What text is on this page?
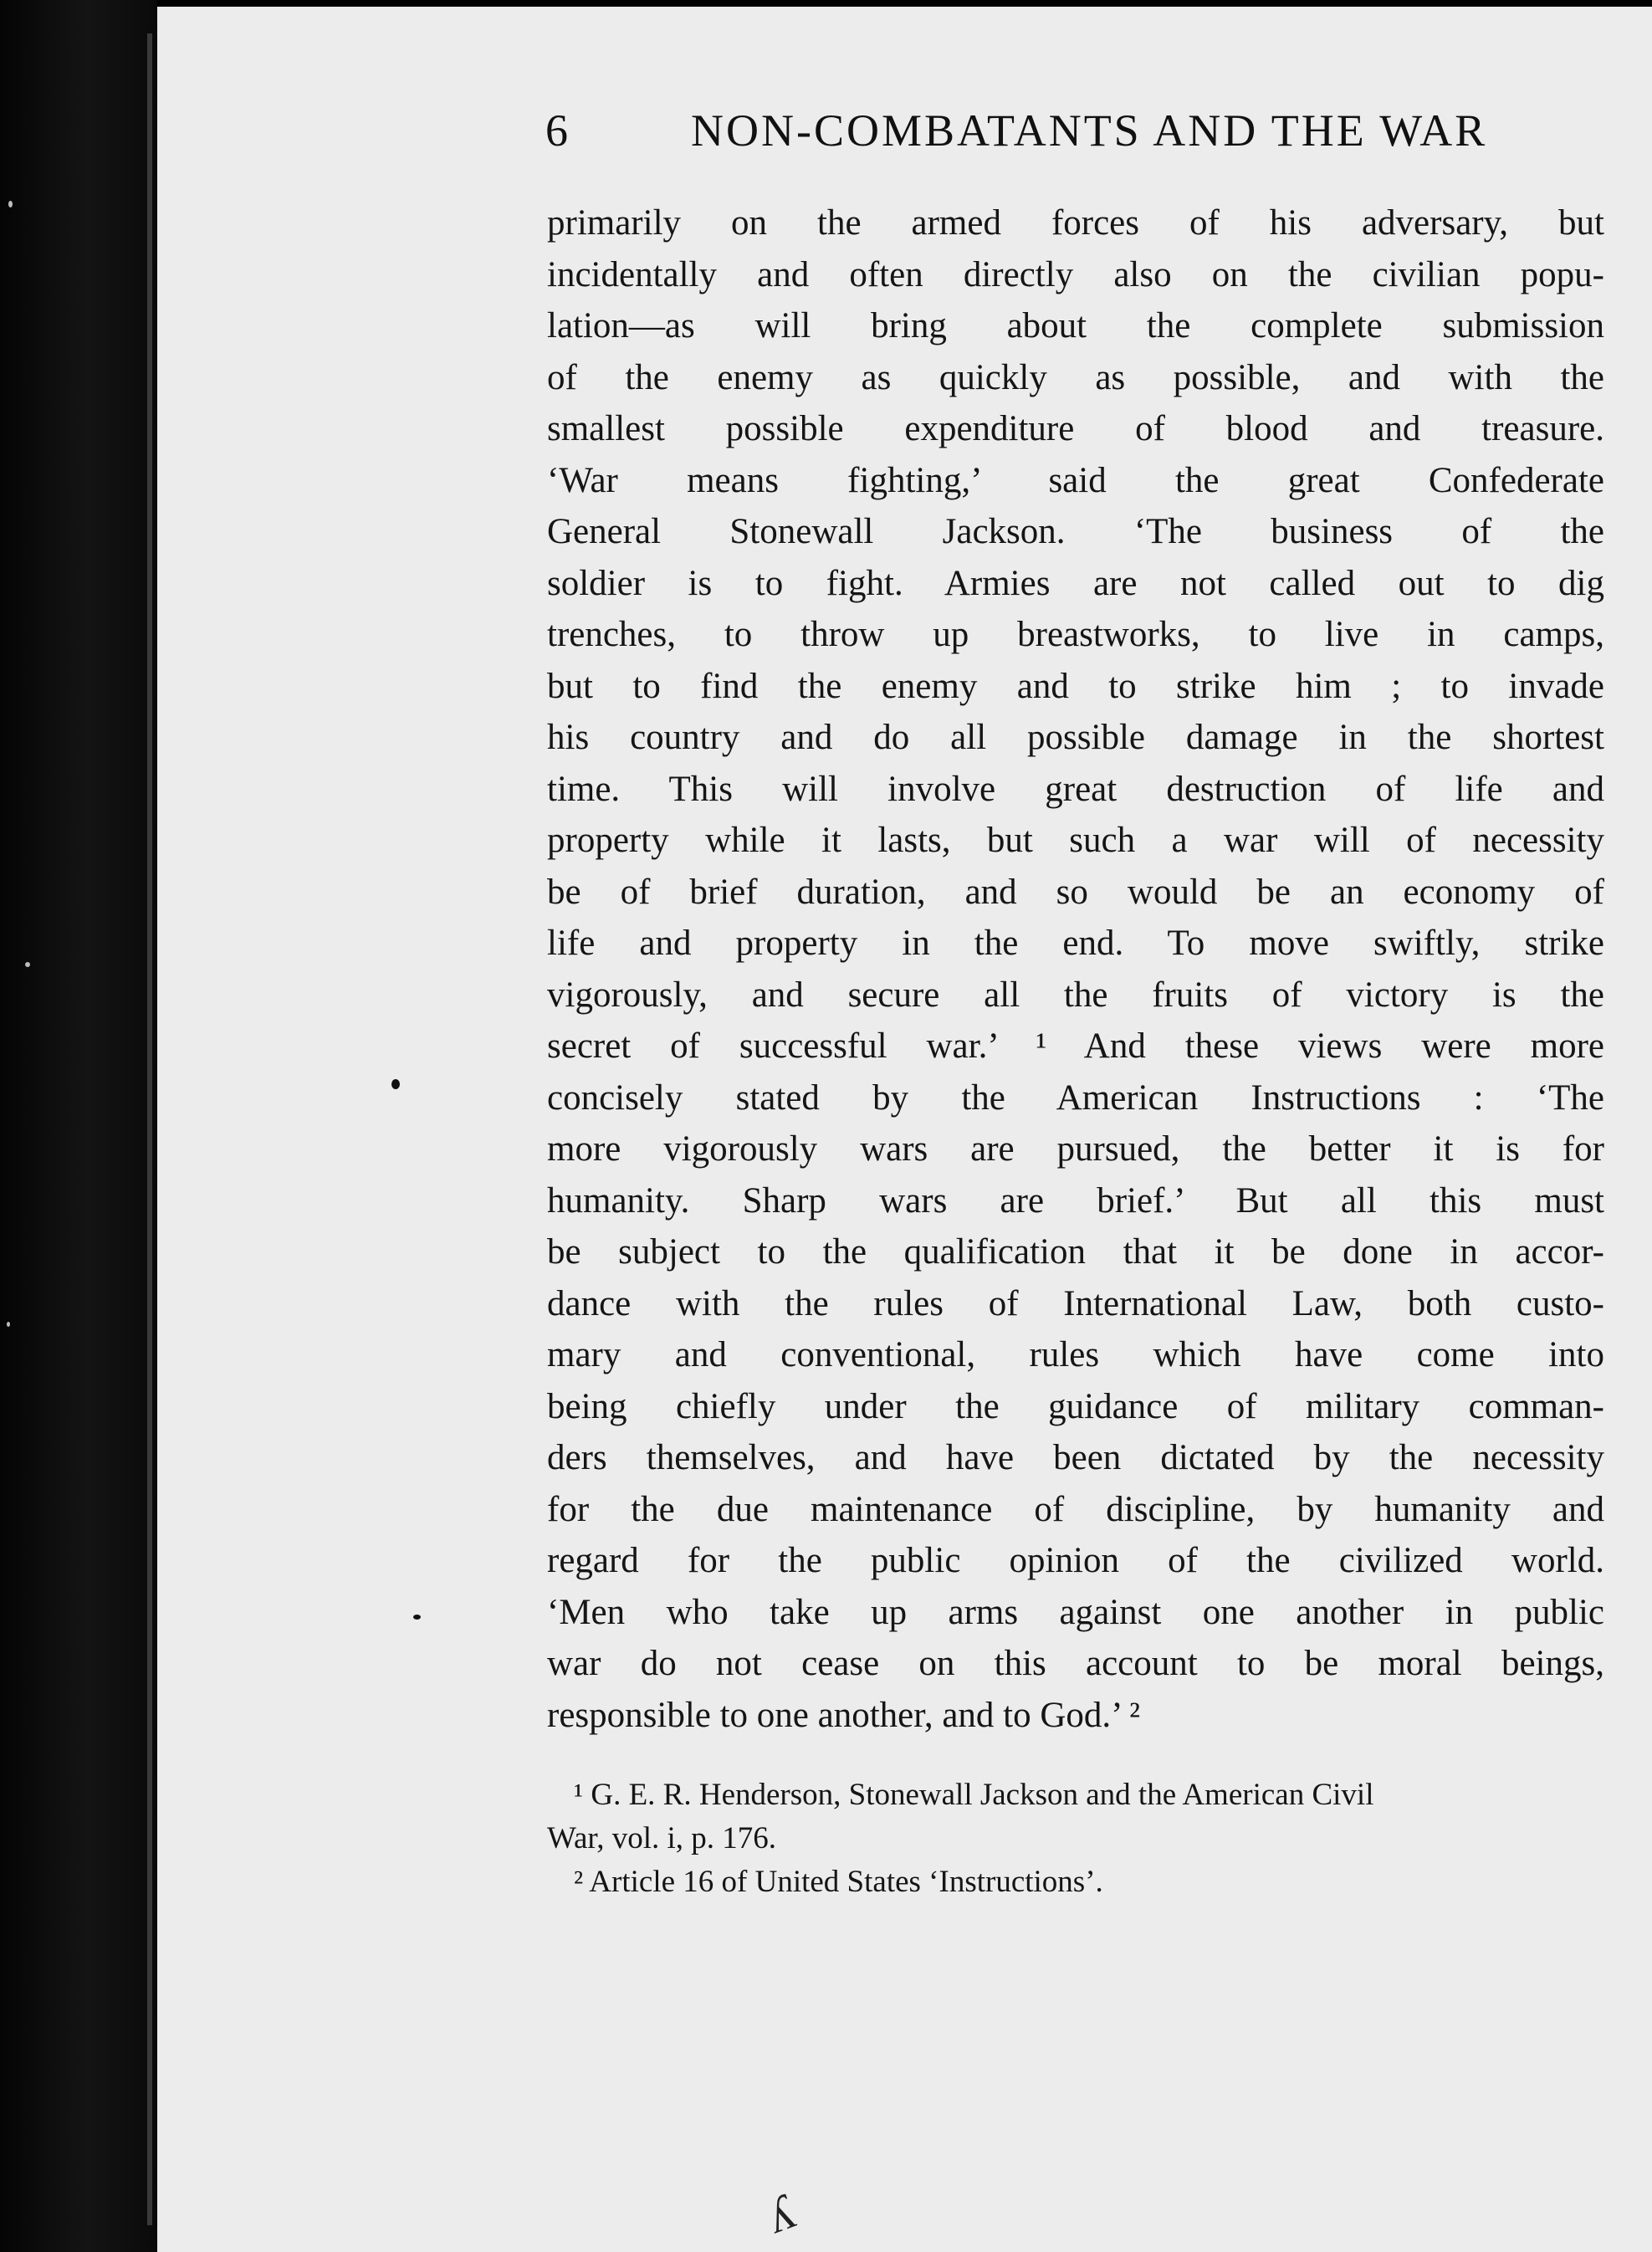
6	NON-COMBATANTS AND THE WAR
primarily on the armed forces of his adversary, but
incidentally and often directly also on the civilian popu-
lation—as will bring about the complete submission
of the enemy as quickly as possible, and with the
smallest possible expenditure of blood and treasure.
‘War means fighting,’ said the great Confederate
General Stonewall Jackson. ‘The business of the
soldier is to fight. Armies are not called out to dig
trenches, to throw up breastworks, to live in camps,
but to find the enemy and to strike him ; to invade
his country and do all possible damage in the shortest
time. This will involve great destruction of life and
property while it lasts, but such a war will of necessity
be of brief duration, and so would be an economy of
life and property in the end. To move swiftly, strike
vigorously, and secure all the fruits of victory is the
secret of successful war.’ ¹ And these views were more
concisely stated by the American Instructions : ‘The
more vigorously wars are pursued, the better it is for
humanity. Sharp wars are brief.’ But all this must
be subject to the qualification that it be done in accor-
dance with the rules of International Law, both custo-
mary and conventional, rules which have come into
being chiefly under the guidance of military comman-
ders themselves, and have been dictated by the necessity
for the due maintenance of discipline, by humanity and
regard for the public opinion of the civilized world.
‘Men who take up arms against one another in public
war do not cease on this account to be moral beings,
responsible to one another, and to God.’ ²
¹ G. E. R. Henderson, Stonewall Jackson and the American Civil
War, vol. i, p. 176.
² Article 16 of United States ‘Instructions’.
ʎ
